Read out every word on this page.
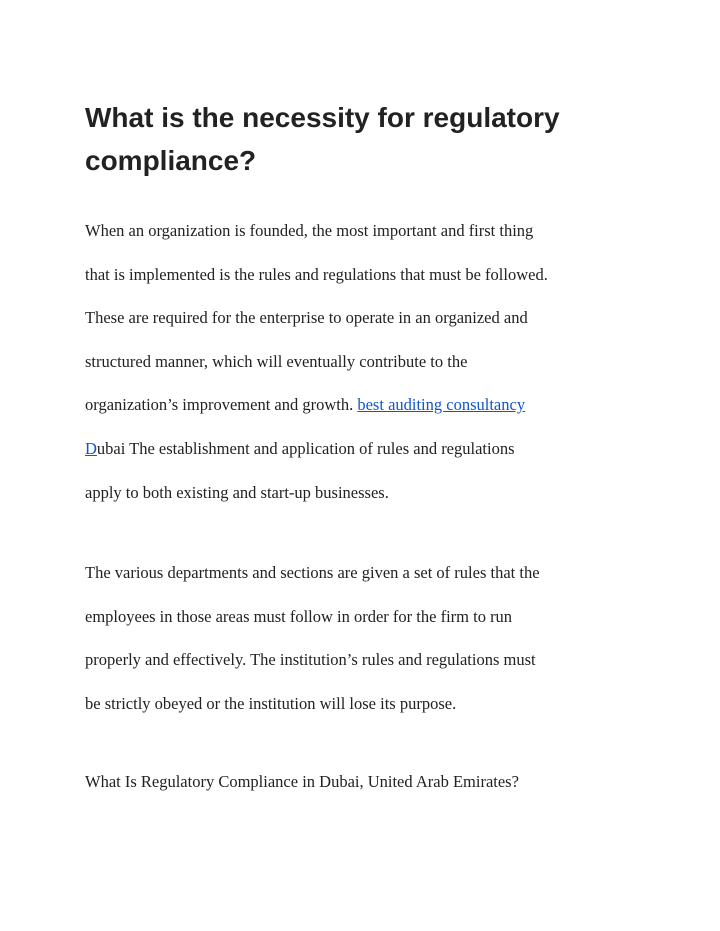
What is the necessity for regulatory
compliance?

When an organization is founded, the most important and first thing
that is implemented is the rules and regulations that must be followed.
These are required for the enterprise to operate in an organized and
structured manner, which will eventually contribute to the
organization’s improvement and growth. best auditing consultancy
Dubai The establishment and application of rules and regulations
apply to both existing and start-up businesses.

The various departments and sections are given a set of rules that the
employees in those areas must follow in order for the firm to run
properly and effectively. The institution’s rules and regulations must
be strictly obeyed or the institution will lose its purpose.

What Is Regulatory Compliance in Dubai, United Arab Emirates?
